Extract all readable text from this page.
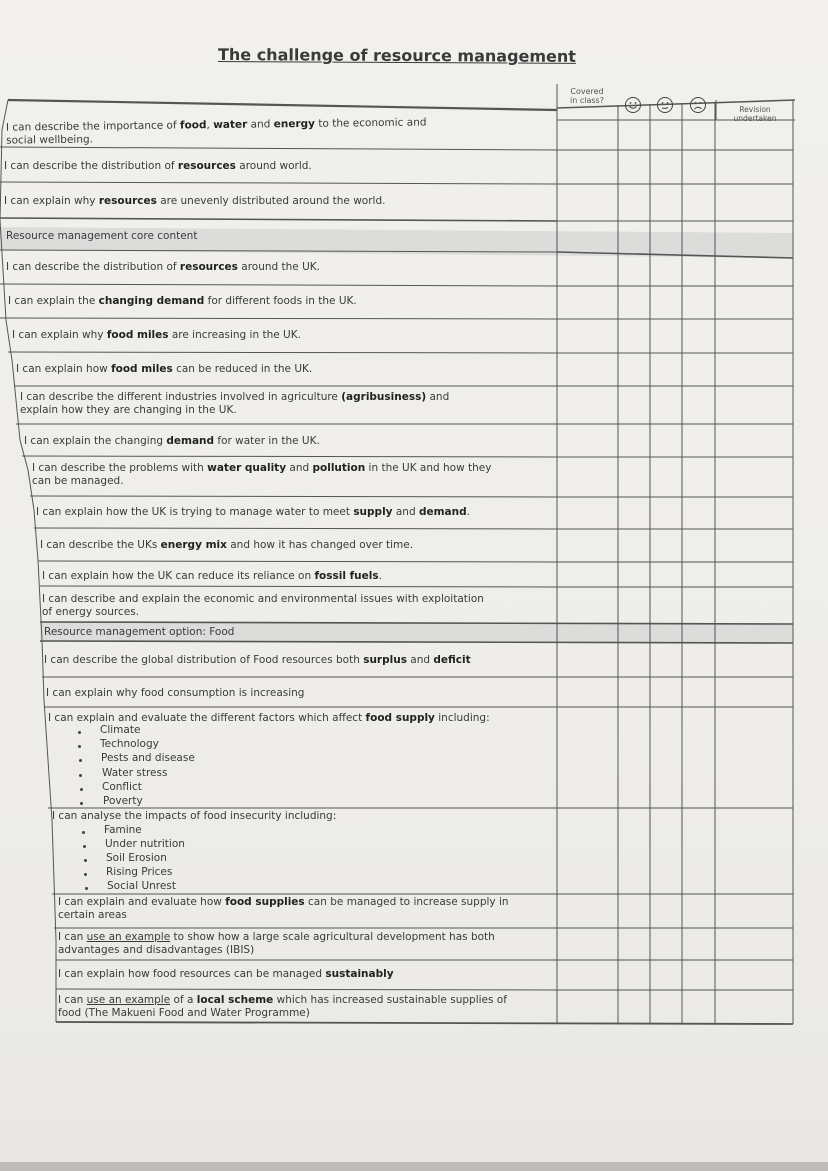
The challenge of resource management
Covered
in class?
Revision
undertaken
I can describe the importance of food, water and energy to the economic and
social wellbeing.
I can describe the distribution of resources around world.
I can explain why resources are unevenly distributed around the world.
Resource management core content
I can describe the distribution of resources around the UK.
I can explain the changing demand for different foods in the UK.
I can explain why food miles are increasing in the UK.
I can explain how food miles can be reduced in the UK.
I can describe the different industries involved in agriculture (agribusiness) and
explain how they are changing in the UK.
I can explain the changing demand for water in the UK.
I can describe the problems with water quality and pollution in the UK and how they
can be managed.
I can explain how the UK is trying to manage water to meet supply and demand.
I can describe the UKs energy mix and how it has changed over time.
I can explain how the UK can reduce its reliance on fossil fuels.
I can describe and explain the economic and environmental issues with exploitation
of energy sources.
Resource management option: Food
I can describe the global distribution of Food resources both surplus and deficit
I can explain why food consumption is increasing
I can explain and evaluate the different factors which affect food supply including:
Climate
Technology
Pests and disease
Water stress
Conflict
Poverty
I can analyse the impacts of food insecurity including:
Famine
Under nutrition
Soil Erosion
Rising Prices
Social Unrest
I can explain and evaluate how food supplies can be managed to increase supply in
certain areas
I can use an example to show how a large scale agricultural development has both
advantages and disadvantages (IBIS)
I can explain how food resources can be managed sustainably
I can use an example of a local scheme which has increased sustainable supplies of
food (The Makueni Food and Water Programme)
